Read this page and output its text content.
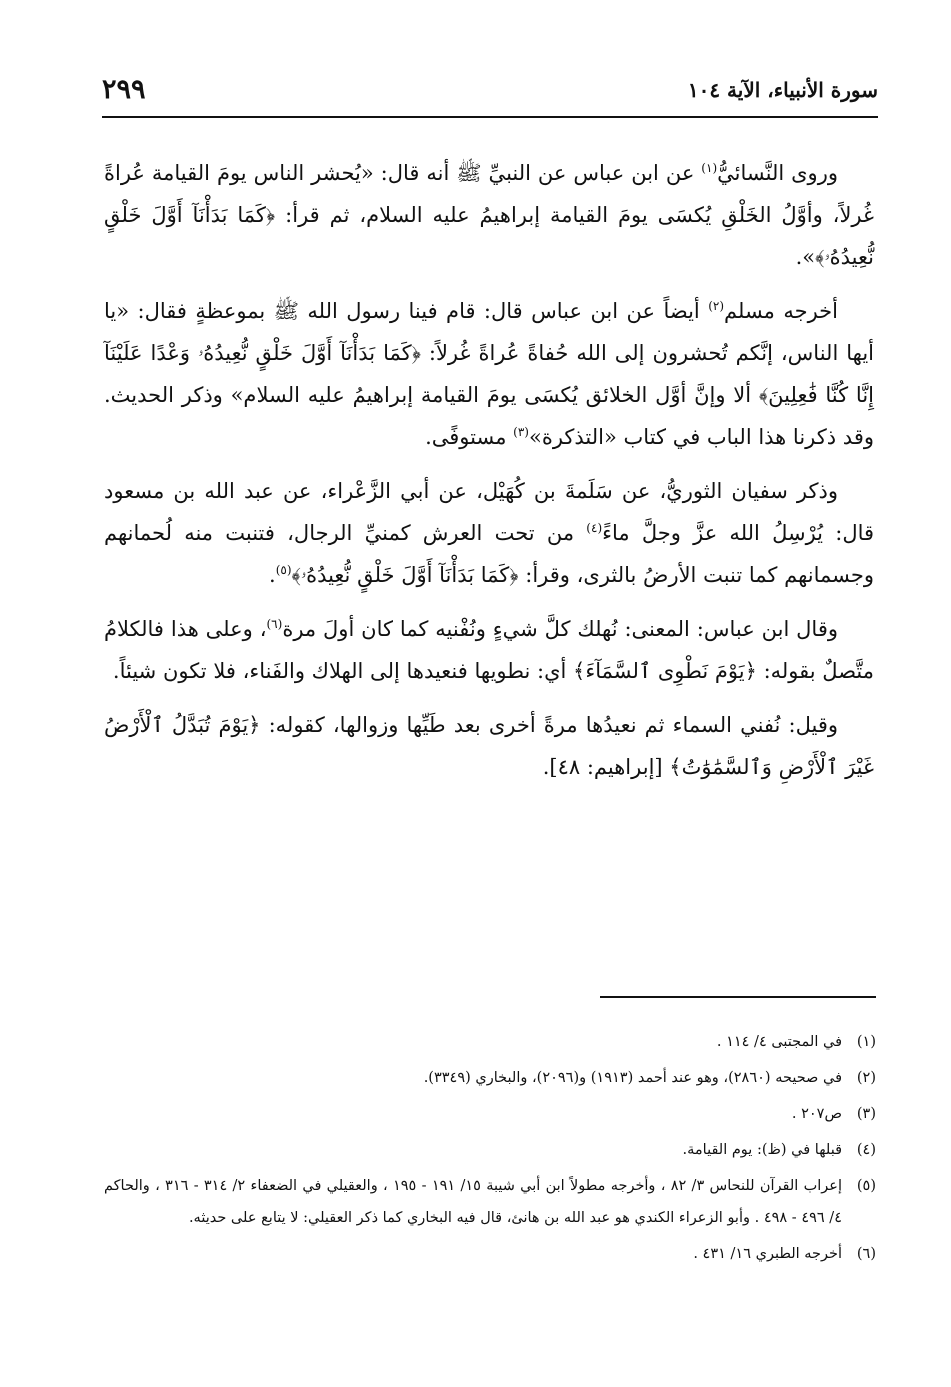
٢٩٩	سورة الأنبياء، الآية ١٠٤

وروى النَّسائيُّ$^{(١)}$ عن ابن عباس عن النبيِّ ﷺ أنه قال: «يُحشر الناس يومَ القيامة عُراةً غُرلاً، وأوَّلُ الخَلْقِ يُكسَى يومَ القيامة إبراهيمُ عليه السلام، ثم قرأ: ﴿كَمَا بَدَأْنَآ أَوَّلَ خَلْقٍ نُّعِيدُهُۥ﴾».

أخرجه مسلم$^{(٢)}$ أيضاً عن ابن عباس قال: قام فينا رسول الله ﷺ بموعظةٍ فقال: «يا أيها الناس، إنَّكم تُحشرون إلى الله حُفاةً عُراةً غُرلاً: ﴿كَمَا بَدَأْنَآ أَوَّلَ خَلْقٍ نُّعِيدُهُۥ وَعْدًا عَلَيْنَآ إِنَّا كُنَّا فَٰعِلِينَ﴾ ألا وإنَّ أوَّل الخلائق يُكسَى يومَ القيامة إبراهيمُ عليه السلام» وذكر الحديث. وقد ذكرنا هذا الباب في كتاب «التذكرة»$^{(٣)}$ مستوفًى.

وذكر سفيان الثوريُّ، عن سَلَمةَ بن كُهَيْل، عن أبي الزَّعْراء، عن عبد الله بن مسعود قال: يُرْسِلُ الله عزَّ وجلَّ ماءً$^{(٤)}$ من تحت العرش كمنيِّ الرجال، فتنبت منه لُحمانهم وجسمانهم كما تنبت الأرضُ بالثرى، وقرأ: ﴿كَمَا بَدَأْنَآ أَوَّلَ خَلْقٍ نُّعِيدُهُۥ﴾$^{(٥)}$.

وقال ابن عباس: المعنى: نُهلك كلَّ شيءٍ ونُفْنيه كما كان أولَ مرة$^{(٦)}$، وعلى هذا فالكلامُ متَّصلٌ بقوله: ﴿يَوْمَ نَطْوِى ٱلسَّمَآءَ﴾ أي: نطويها فنعيدها إلى الهلاك والفَناء، فلا تكون شيئاً.

وقيل: نُفني السماء ثم نعيدُها مرةً أخرى بعد طَيِّها وزوالها، كقوله: ﴿يَوْمَ تُبَدَّلُ ٱلْأَرْضُ غَيْرَ ٱلْأَرْضِ وَٱلسَّمَٰوَٰتُ﴾ [إبراهيم: ٤٨].

(١)في المجتبى ٤/ ١١٤ .

(٢)في صحيحه (٢٨٦٠)، وهو عند أحمد (١٩١٣) و(٢٠٩٦)، والبخاري (٣٣٤٩).

(٣)ص٢٠٧ .

(٤)قبلها في (ظ): يوم القيامة.

(٥)إعراب القرآن للنحاس ٣/ ٨٢ ، وأخرجه مطولاً ابن أبي شيبة ١٥/ ١٩١ - ١٩٥ ، والعقيلي في الضعفاء ٢/ ٣١٤ - ٣١٦ ، والحاكم ٤/ ٤٩٦ - ٤٩٨ . وأبو الزعراء الكندي هو عبد الله بن هانئ، قال فيه البخاري كما ذكر العقيلي: لا يتابع على حديثه.

(٦)أخرجه الطبري ١٦/ ٤٣١ .
